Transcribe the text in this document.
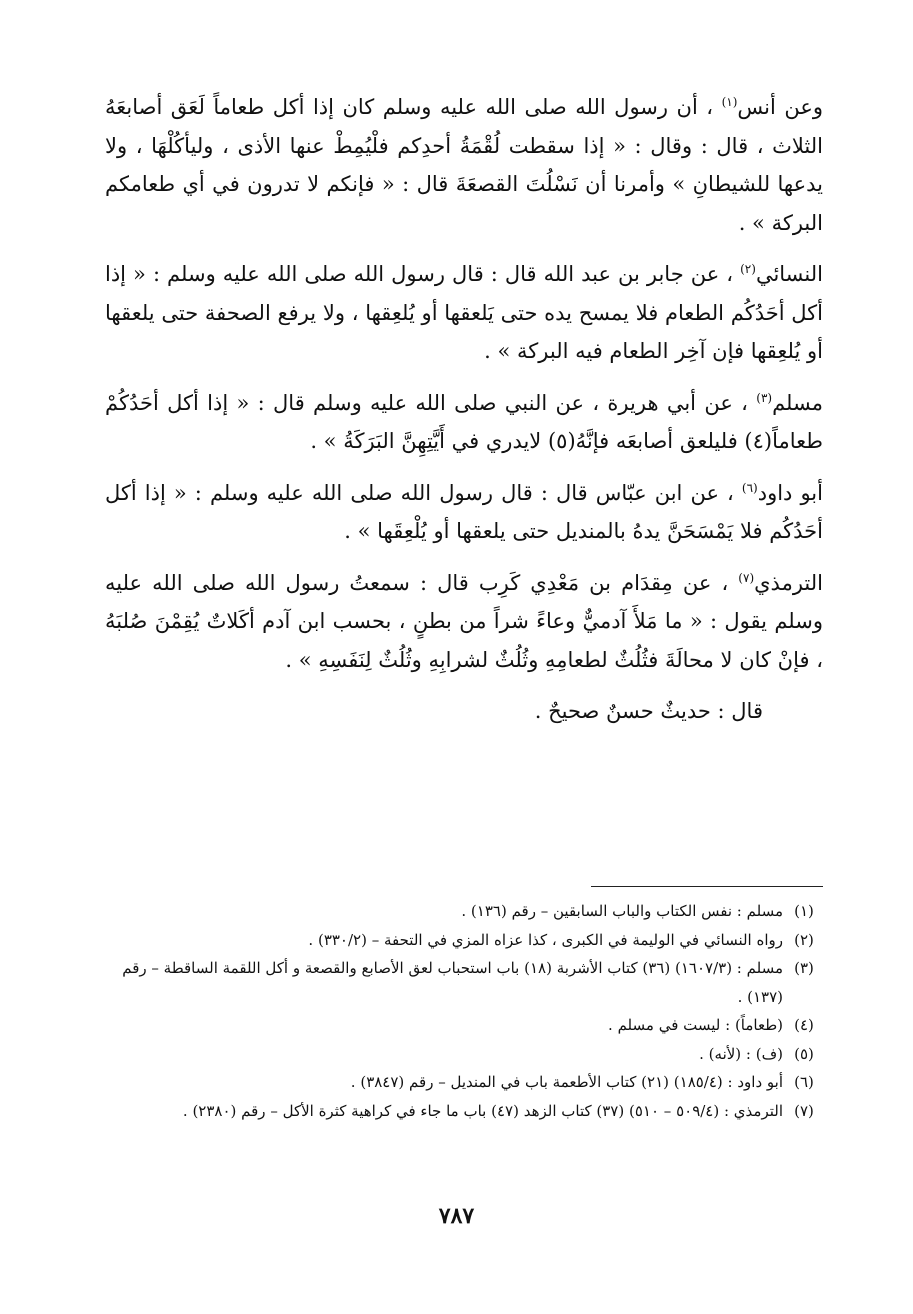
وعن أنس$^{(١)}$ ، أن رسول الله صلى الله عليه وسلم كان إذا أكل طعاماً لَعَق أصابعَهُ الثلاث ، قال : وقال : « إذا سقطت لُقْمَةُ أحدِكم فلْيُمِطْ عنها الأذى ، وليأكُلْهَا ، ولا يدعها للشيطانِ » وأمرنا أن نَسْلُتَ القصعَةَ قال : « فإنكم لا تدرون في أي طعامكم البركة » .

النسائي$^{(٢)}$ ، عن جابر بن عبد الله قال : قال رسول الله صلى الله عليه وسلم : « إذا أكل أحَدُكُم الطعام فلا يمسح يده حتى يَلعقها أو يُلعِقها ، ولا يرفع الصحفة حتى يلعقها أو يُلعِقها فإن آخِر الطعام فيه البركة » .

مسلم$^{(٣)}$ ، عن أبي هريرة ، عن النبي صلى الله عليه وسلم قال : « إذا أكل أحَدُكُمْ طعاماً(٤) فليلعق أصابعَه فإنَّهُ(٥) لايدري في أَيَّتِهِنَّ البَرَكَةُ » .

أبو داود$^{(٦)}$ ، عن ابن عبّاس قال : قال رسول الله صلى الله عليه وسلم : « إذا أكل أحَدُكُم فلا يَمْسَحَنَّ يدهُ بالمنديل حتى يلعقها أو يُلْعِقَها » .

الترمذي$^{(٧)}$ ، عن مِقدَام بن مَعْدِي كَرِب قال : سمعتُ رسول الله صلى الله عليه وسلم يقول : « ما مَلأَ آدميٌّ وعاءً شراً من بطنٍ ، بحسب ابن آدم أكَلاتٌ يُقِمْنَ صُلبَهُ ، فإنْ كان لا محالَةَ فثُلُثٌ لطعامِهِ وثُلُثٌ لشرابِهِ وثُلُثٌ لِنَفَسِهِ » .

قال : حديثٌ حسنٌ صحيحٌ .

(١)
مسلم : نفس الكتاب والباب السابقين – رقم (١٣٦) .
(٢)
رواه النسائي في الوليمة في الكبرى ، كذا عزاه المزي في التحفة – (٣٣٠/٢) .
(٣)
مسلم : (١٦٠٧/٣) (٣٦) كتاب الأشربة (١٨) باب استحباب لعق الأصابع والقصعة و أكل اللقمة الساقطة – رقم (١٣٧) .
(٤)
(طعاماً) : ليست في مسلم .
(٥)
(ف) : (لأنه) .
(٦)
أبو داود : (١٨٥/٤) (٢١) كتاب الأطعمة باب في المنديل – رقم (٣٨٤٧) .
(٧)
الترمذي : (٥٠٩/٤ – ٥١٠) (٣٧) كتاب الزهد (٤٧) باب ما جاء في كراهية كثرة الأكل – رقم (٢٣٨٠) .
٧٨٧
